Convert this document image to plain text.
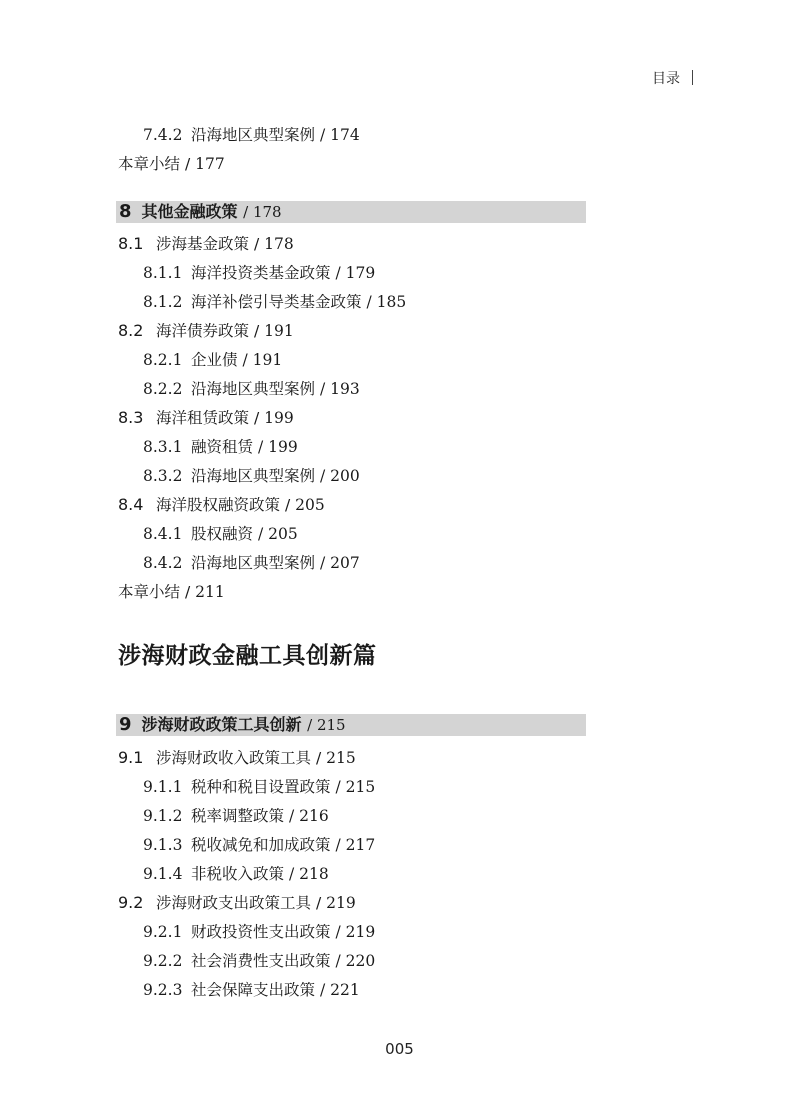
目录
7.4.2 沿海地区典型案例 / 174
本章小结 / 177
8 其他金融政策 / 178
8.1 涉海基金政策 / 178
8.1.1 海洋投资类基金政策 / 179
8.1.2 海洋补偿引导类基金政策 / 185
8.2 海洋债券政策 / 191
8.2.1 企业债 / 191
8.2.2 沿海地区典型案例 / 193
8.3 海洋租赁政策 / 199
8.3.1 融资租赁 / 199
8.3.2 沿海地区典型案例 / 200
8.4 海洋股权融资政策 / 205
8.4.1 股权融资 / 205
8.4.2 沿海地区典型案例 / 207
本章小结 / 211
涉海财政金融工具创新篇
9 涉海财政政策工具创新 / 215
9.1 涉海财政收入政策工具 / 215
9.1.1 税种和税目设置政策 / 215
9.1.2 税率调整政策 / 216
9.1.3 税收减免和加成政策 / 217
9.1.4 非税收入政策 / 218
9.2 涉海财政支出政策工具 / 219
9.2.1 财政投资性支出政策 / 219
9.2.2 社会消费性支出政策 / 220
9.2.3 社会保障支出政策 / 221
005
